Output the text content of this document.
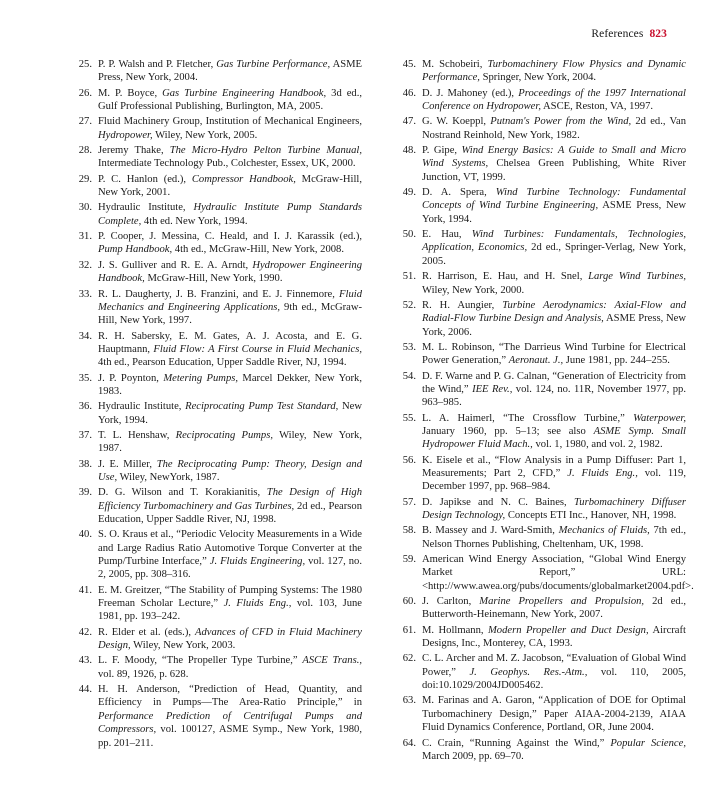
References 823
25. P. P. Walsh and P. Fletcher, Gas Turbine Performance, ASME Press, New York, 2004.
26. M. P. Boyce, Gas Turbine Engineering Handbook, 3d ed., Gulf Professional Publishing, Burlington, MA, 2005.
27. Fluid Machinery Group, Institution of Mechanical Engineers, Hydropower, Wiley, New York, 2005.
28. Jeremy Thake, The Micro-Hydro Pelton Turbine Manual, Intermediate Technology Pub., Colchester, Essex, UK, 2000.
29. P. C. Hanlon (ed.), Compressor Handbook, McGraw-Hill, New York, 2001.
30. Hydraulic Institute, Hydraulic Institute Pump Standards Complete, 4th ed. New York, 1994.
31. P. Cooper, J. Messina, C. Heald, and I. J. Karassik (ed.), Pump Handbook, 4th ed., McGraw-Hill, New York, 2008.
32. J. S. Gulliver and R. E. A. Arndt, Hydropower Engineering Handbook, McGraw-Hill, New York, 1990.
33. R. L. Daugherty, J. B. Franzini, and E. J. Finnemore, Fluid Mechanics and Engineering Applications, 9th ed., McGraw-Hill, New York, 1997.
34. R. H. Sabersky, E. M. Gates, A. J. Acosta, and E. G. Hauptmann, Fluid Flow: A First Course in Fluid Mechanics, 4th ed., Pearson Education, Upper Saddle River, NJ, 1994.
35. J. P. Poynton, Metering Pumps, Marcel Dekker, New York, 1983.
36. Hydraulic Institute, Reciprocating Pump Test Standard, New York, 1994.
37. T. L. Henshaw, Reciprocating Pumps, Wiley, New York, 1987.
38. J. E. Miller, The Reciprocating Pump: Theory, Design and Use, Wiley, NewYork, 1987.
39. D. G. Wilson and T. Korakianitis, The Design of High Efficiency Turbomachinery and Gas Turbines, 2d ed., Pearson Education, Upper Saddle River, NJ, 1998.
40. S. O. Kraus et al., “Periodic Velocity Measurements in a Wide and Large Radius Ratio Automotive Torque Converter at the Pump/Turbine Interface,” J. Fluids Engineering, vol. 127, no. 2, 2005, pp. 308–316.
41. E. M. Greitzer, “The Stability of Pumping Systems: The 1980 Freeman Scholar Lecture,” J. Fluids Eng., vol. 103, June 1981, pp. 193–242.
42. R. Elder et al. (eds.), Advances of CFD in Fluid Machinery Design, Wiley, New York, 2003.
43. L. F. Moody, “The Propeller Type Turbine,” ASCE Trans., vol. 89, 1926, p. 628.
44. H. H. Anderson, “Prediction of Head, Quantity, and Efficiency in Pumps—The Area-Ratio Principle,” in Performance Prediction of Centrifugal Pumps and Compressors, vol. 100127, ASME Symp., New York, 1980, pp. 201–211.
45. M. Schobeiri, Turbomachinery Flow Physics and Dynamic Performance, Springer, New York, 2004.
46. D. J. Mahoney (ed.), Proceedings of the 1997 International Conference on Hydropower, ASCE, Reston, VA, 1997.
47. G. W. Koeppl, Putnam's Power from the Wind, 2d ed., Van Nostrand Reinhold, New York, 1982.
48. P. Gipe, Wind Energy Basics: A Guide to Small and Micro Wind Systems, Chelsea Green Publishing, White River Junction, VT, 1999.
49. D. A. Spera, Wind Turbine Technology: Fundamental Concepts of Wind Turbine Engineering, ASME Press, New York, 1994.
50. E. Hau, Wind Turbines: Fundamentals, Technologies, Application, Economics, 2d ed., Springer-Verlag, New York, 2005.
51. R. Harrison, E. Hau, and H. Snel, Large Wind Turbines, Wiley, New York, 2000.
52. R. H. Aungier, Turbine Aerodynamics: Axial-Flow and Radial-Flow Turbine Design and Analysis, ASME Press, New York, 2006.
53. M. L. Robinson, “The Darrieus Wind Turbine for Electrical Power Generation,” Aeronaut. J., June 1981, pp. 244–255.
54. D. F. Warne and P. G. Calnan, “Generation of Electricity from the Wind,” IEE Rev., vol. 124, no. 11R, November 1977, pp. 963–985.
55. L. A. Haimerl, “The Crossflow Turbine,” Waterpower, January 1960, pp. 5–13; see also ASME Symp. Small Hydropower Fluid Mach., vol. 1, 1980, and vol. 2, 1982.
56. K. Eisele et al., “Flow Analysis in a Pump Diffuser: Part 1, Measurements; Part 2, CFD,” J. Fluids Eng., vol. 119, December 1997, pp. 968–984.
57. D. Japikse and N. C. Baines, Turbomachinery Diffuser Design Technology, Concepts ETI Inc., Hanover, NH, 1998.
58. B. Massey and J. Ward-Smith, Mechanics of Fluids, 7th ed., Nelson Thornes Publishing, Cheltenham, UK, 1998.
59. American Wind Energy Association, “Global Wind Energy Market Report,” URL: <http://www.awea.org/pubs/documents/globalmarket2004.pdf>.
60. J. Carlton, Marine Propellers and Propulsion, 2d ed., Butterworth-Heinemann, New York, 2007.
61. M. Hollmann, Modern Propeller and Duct Design, Aircraft Designs, Inc., Monterey, CA, 1993.
62. C. L. Archer and M. Z. Jacobson, “Evaluation of Global Wind Power,” J. Geophys. Res.-Atm., vol. 110, 2005, doi:10.1029/2004JD005462.
63. M. Farinas and A. Garon, “Application of DOE for Optimal Turbomachinery Design,” Paper AIAA-2004-2139, AIAA Fluid Dynamics Conference, Portland, OR, June 2004.
64. C. Crain, “Running Against the Wind,” Popular Science, March 2009, pp. 69–70.
